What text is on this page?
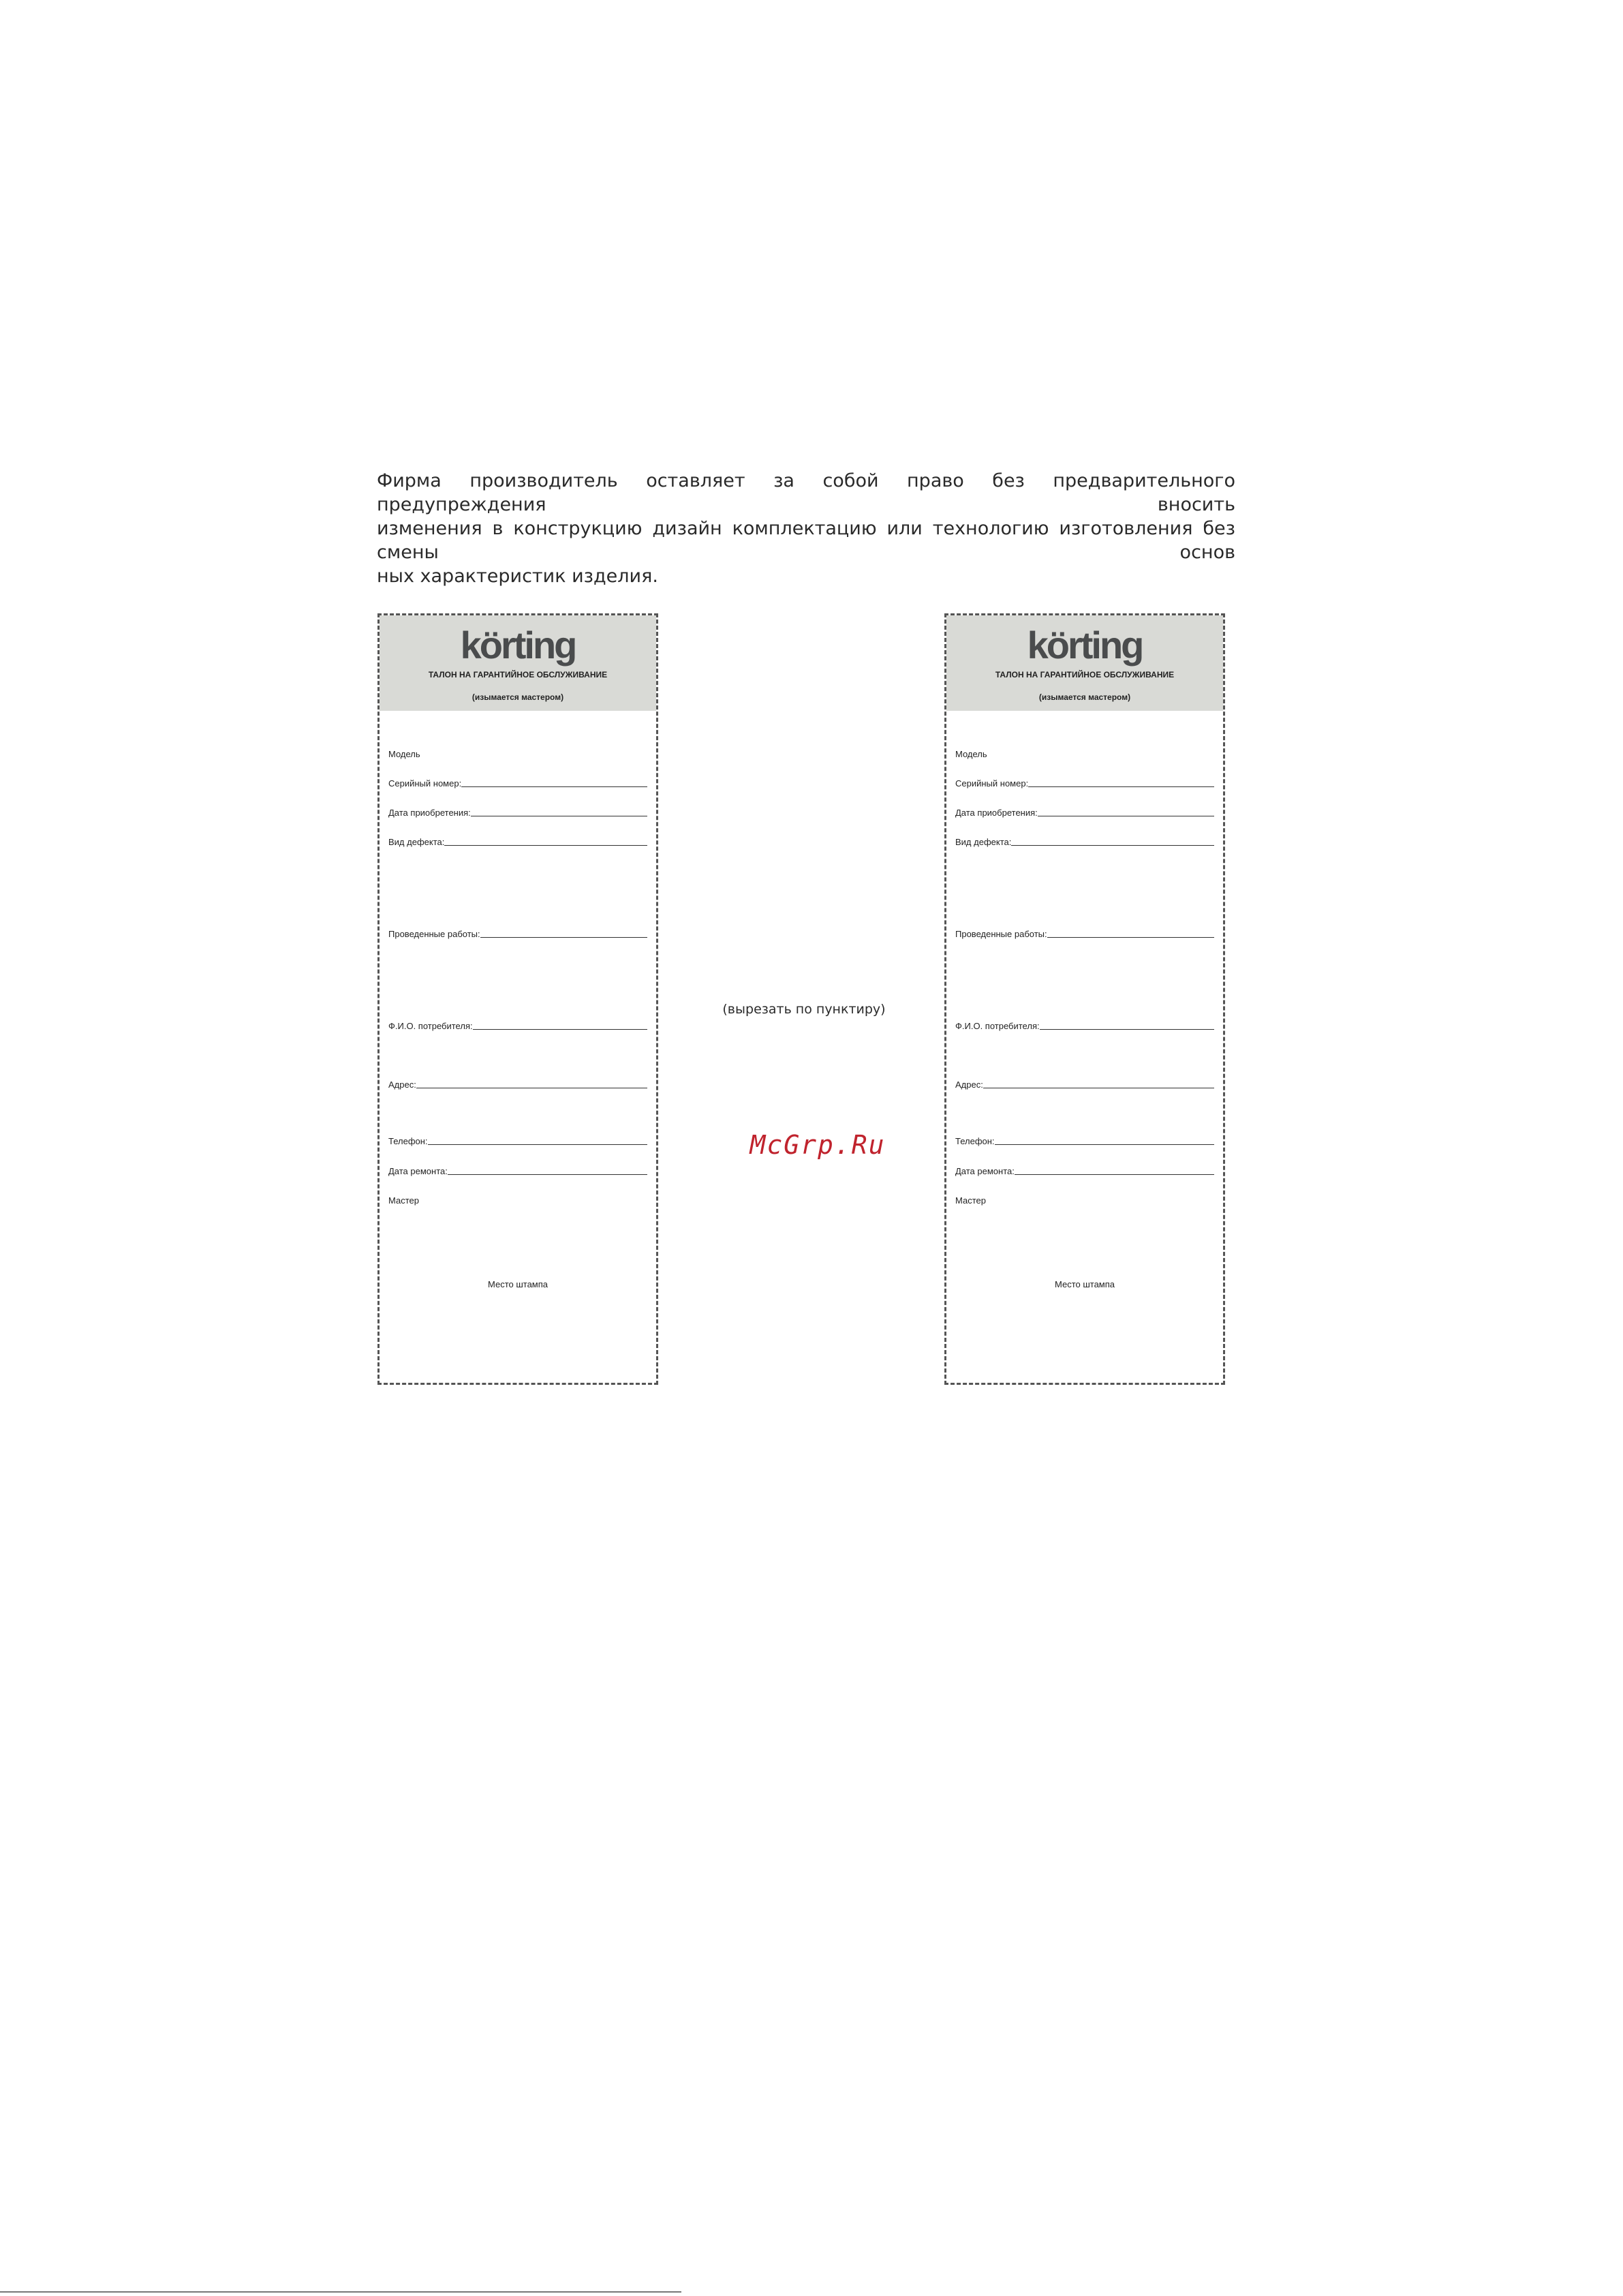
Фирма производитель оставляет за собой право без предварительного предупреждения вносить
изменения в конструкцию дизайн комплектацию или технологию изготовления без смены основ
ных характеристик изделия.
körting
ТАЛОН НА ГАРАНТИЙНОЕ ОБСЛУЖИВАНИЕ
(изымается мастером)
Модель
Серийный номер:
Дата приобретения:
Вид дефекта:
Проведенные работы:
Ф.И.О. потребителя:
Адрес:
Телефон:
Дата ремонта:
Мастер
Место штампа
körting
ТАЛОН НА ГАРАНТИЙНОЕ ОБСЛУЖИВАНИЕ
(изымается мастером)
Модель
Серийный номер:
Дата приобретения:
Вид дефекта:
Проведенные работы:
Ф.И.О. потребителя:
Адрес:
Телефон:
Дата ремонта:
Мастер
Место штампа
(вырезать по пунктиру)
McGrp.Ru
